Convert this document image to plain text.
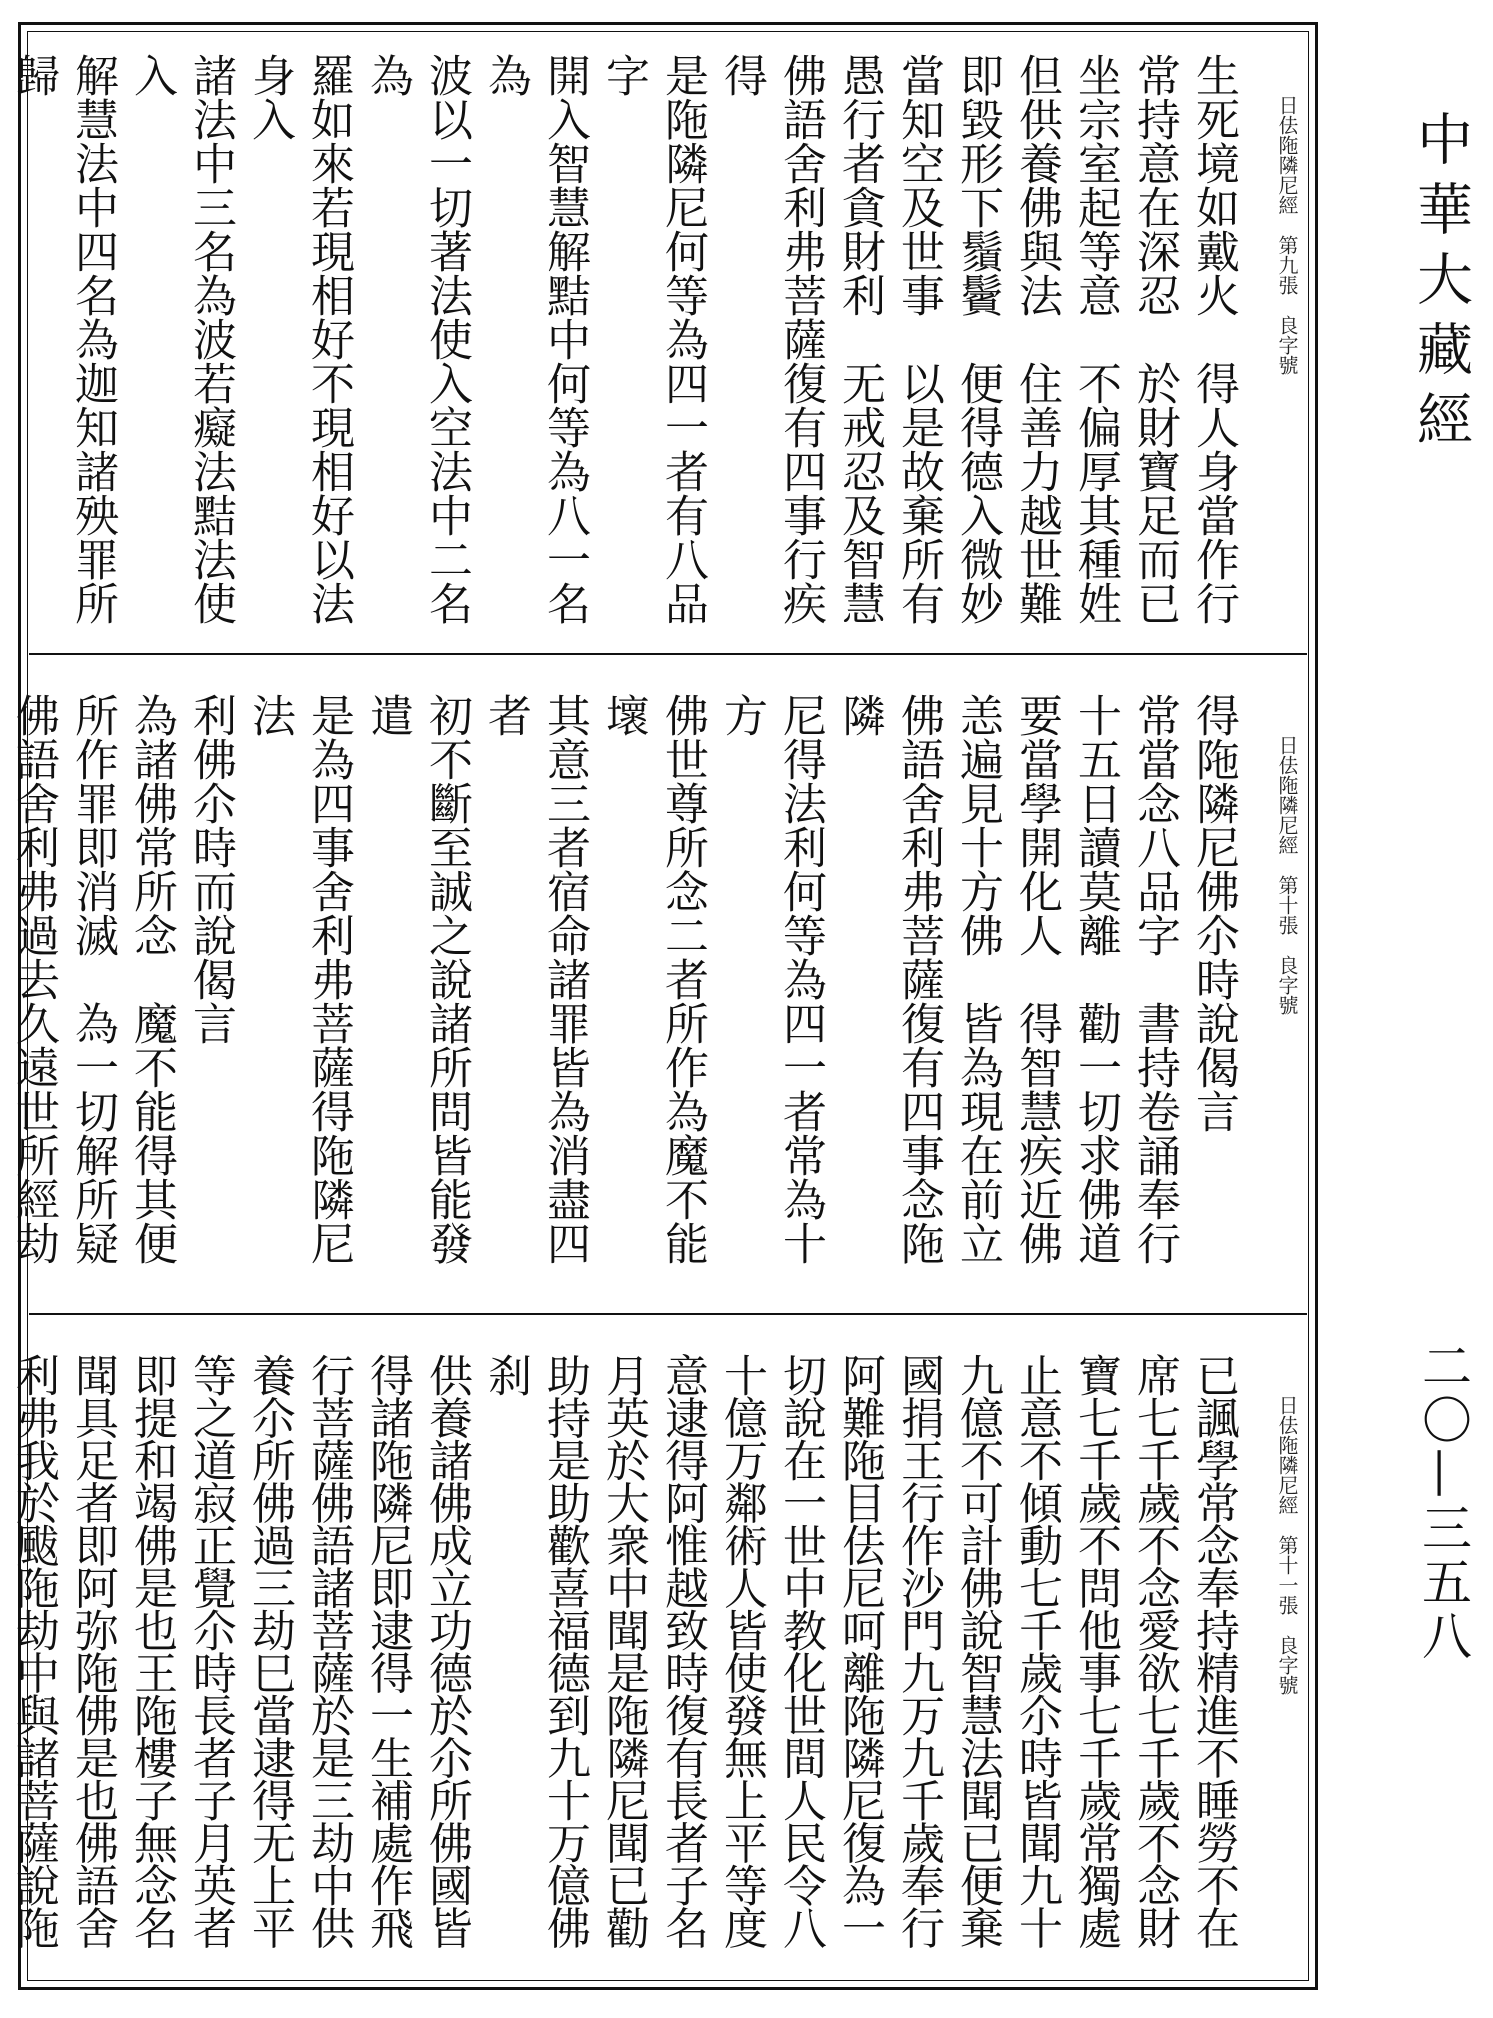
中華大藏經
二〇—三五八
日佉陁隣尼經　第九張　良字號
生死境如戴火　得人身當作行
常持意在深忍　於財寶足而已
坐宗室起等意　不偏厚其種姓
但供養佛與法　住善力越世難
即毀形下鬚鬢　便得德入微妙
當知空及世事　以是故棄所有
愚行者貪財利　无戒忍及智慧
佛語舍利弗菩薩復有四事行疾得
是陁隣尼何等為四一者有八品字
開入智慧解黠中何等為八一名為
波以一切著法使入空法中二名為
羅如來若現相好不現相好以法身入
諸法中三名為波若癡法黠法使入
解慧法中四名為迦知諸殃罪所歸

日佉陁隣尼經　第十張　良字號
得陁隣尼佛尒時說偈言
常當念八品字　書持卷誦奉行
十五日讀莫離　勸一切求佛道
要當學開化人　得智慧疾近佛
恙遍見十方佛　皆為現在前立
佛語舍利弗菩薩復有四事念陁隣
尼得法利何等為四一者常為十方
佛世尊所念二者所作為魔不能壞
其意三者宿命諸罪皆為消盡四者
初不斷至誠之說諸所問皆能發遣
是為四事舍利弗菩薩得陁隣尼法
利佛尒時而說偈言
為諸佛常所念　魔不能得其便
所作罪即消滅　為一切解所疑
佛語舍利弗過去久遠世所經劫

日佉陁隣尼經　第十一張　良字號
已諷學常念奉持精進不睡勞不在
席七千歲不念愛欲七千歲不念財
寶七千歲不問他事七千歲常獨處
止意不傾動七千歲尒時皆聞九十
九億不可計佛說智慧法聞已便棄
國捐王行作沙門九万九千歲奉行
阿難陁目佉尼呵離陁隣尼復為一
切說在一世中教化世間人民令八
十億万鄰術人皆使發無上平等度
意逮得阿惟越致時復有長者子名
月英於大衆中聞是陁隣尼聞已勸
助持是助歡喜福德到九十万億佛刹
供養諸佛成立功德於尒所佛國皆
得諸陁隣尼即逮得一生補處作飛
行菩薩佛語諸菩薩於是三劫中供
養尒所佛過三劫巳當逮得无上平
等之道寂正覺尒時長者子月英者
即提和竭佛是也王陁樓子無念名
聞具足者即阿弥陁佛是也佛語舍
利弗我於颰陁劫中與諸菩薩說陁
